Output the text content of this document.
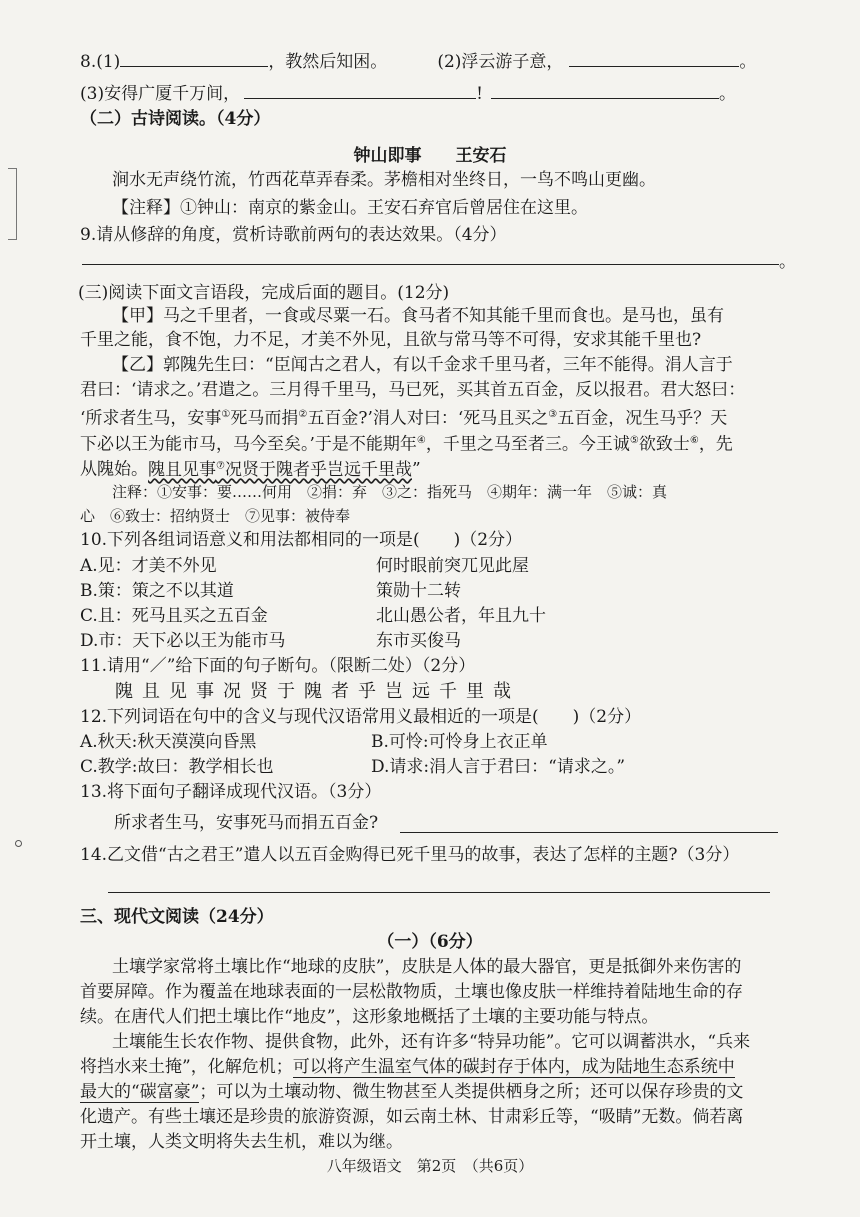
8.(1)	，教然后知困。	(2)浮云游子意，	。
(3)安得广厦千万间，	!	。
（二）古诗阅读。（4分）
钟山即事　　王安石
涧水无声绕竹流，竹西花草弄春柔。茅檐相对坐终日，一鸟不鸣山更幽。
【注释】①钟山：南京的紫金山。王安石弃官后曾居住在这里。
9.请从修辞的角度，赏析诗歌前两句的表达效果。（4分）
。
(三)阅读下面文言语段，完成后面的题目。(12分)
【甲】马之千里者，一食或尽粟一石。食马者不知其能千里而食也。是马也，虽有
千里之能，食不饱，力不足，才美不外见，且欲与常马等不可得，安求其能千里也?
【乙】郭隗先生曰：“臣闻古之君人，有以千金求千里马者，三年不能得。涓人言于
君曰：‘请求之。’君遣之。三月得千里马，马已死，买其首五百金，反以报君。君大怒曰：
‘所求者生马，安事①死马而捐②五百金?’涓人对曰：‘死马且买之③五百金，况生马乎？天
下必以王为能市马，马今至矣。’于是不能期年④，千里之马至者三。今王诚⑤欲致士⑥，先
从隗始。隗且见事⑦况贤于隗者乎岂远千里哉”
注释：①安事：要……何用　②捐：弃　③之：指死马　④期年：满一年　⑤诚：真
心　⑥致士：招纳贤士　⑦见事：被侍奉
10.下列各组词语意义和用法都相同的一项是(　　)（2分）
A.见：才美不外见	何时眼前突兀见此屋
B.策：策之不以其道	策勋十二转
C.且：死马且买之五百金	北山愚公者，年且九十
D.市：天下必以王为能市马	东市买俊马
11.请用“／”给下面的句子断句。（限断二处）（2分）
隗且见事况贤于隗者乎岂远千里哉
12.下列词语在句中的含义与现代汉语常用义最相近的一项是(　　)（2分）
A.秋天:秋天漠漠向昏黑	B.可怜:可怜身上衣正单
C.教学:故曰：教学相长也	D.请求:涓人言于君曰：“请求之。”
13.将下面句子翻译成现代汉语。（3分）
所求者生马，安事死马而捐五百金?
14.乙文借“古之君王”遣人以五百金购得已死千里马的故事，表达了怎样的主题?（3分）
三、现代文阅读（24分）
（一）（6分）
土壤学家常将土壤比作“地球的皮肤”，皮肤是人体的最大器官，更是抵御外来伤害的
首要屏障。作为覆盖在地球表面的一层松散物质，土壤也像皮肤一样维持着陆地生命的存
续。在唐代人们把土壤比作“地皮”，这形象地概括了土壤的主要功能与特点。
土壤能生长农作物、提供食物，此外，还有许多“特异功能”。它可以调蓄洪水，“兵来
将挡水来土掩”，化解危机；可以将产生温室气体的碳封存于体内，成为陆地生态系统中
最大的“碳富豪”；可以为土壤动物、微生物甚至人类提供栖身之所；还可以保存珍贵的文
化遗产。有些土壤还是珍贵的旅游资源，如云南土林、甘肃彩丘等，“吸睛”无数。倘若离
开土壤，人类文明将失去生机，难以为继。
八年级语文　第2页　（共6页）
